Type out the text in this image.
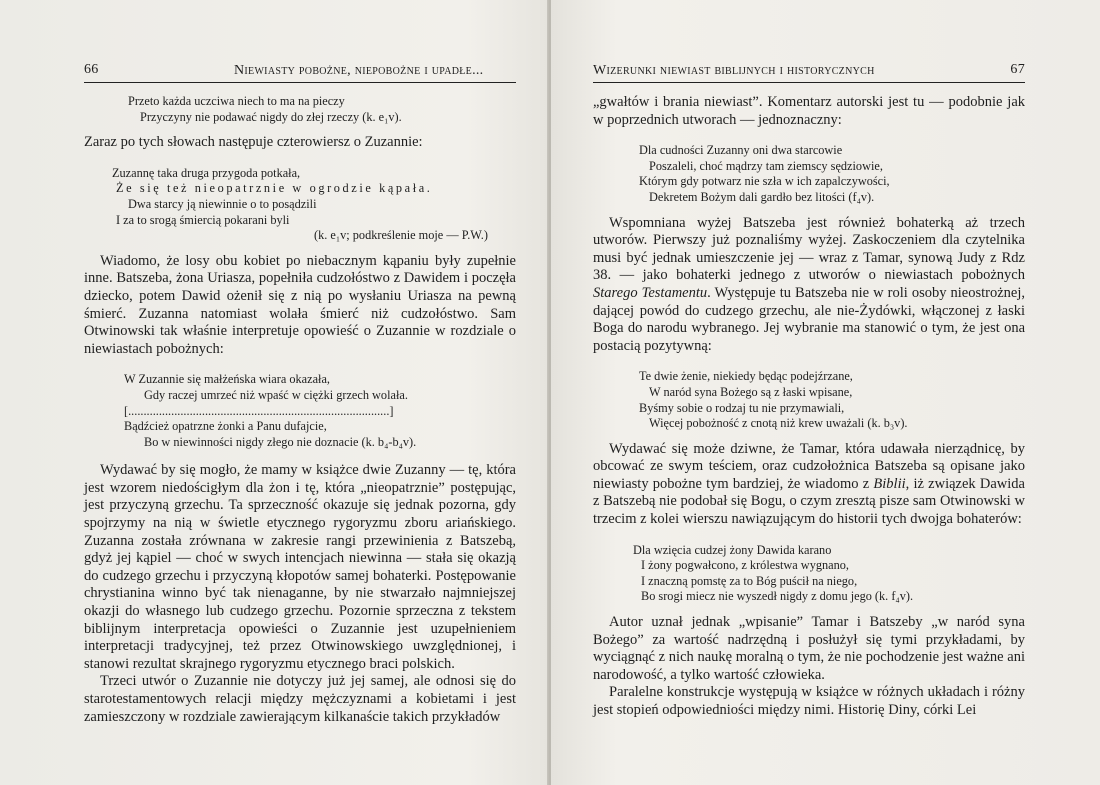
66	Niewiasty pobożne, niepobożne i upadłe...
Przeto każda uczciwa niech to ma na pieczy
Przyczyny nie podawać nigdy do złej rzeczy (k. e₁v).

Zaraz po tych słowach następuje czterowiersz o Zuzannie:

Zuzannę taka druga przygoda potkała,
Że się też nieopatrznie w ogrodzie kąpała.
Dwa starcy ją niewinnie o to posądzili
I za to srogą śmiercią pokarani byli
(k. e₁v; podkreślenie moje — P.W.)

Wiadomo, że losy obu kobiet po niebacznym kąpaniu były zupełnie inne. Batszeba, żona Uriasza, popełniła cudzołóstwo z Dawidem i poczęła dziecko, potem Dawid ożenił się z nią po wysłaniu Uriasza na pewną śmierć. Zuzanna natomiast wolała śmierć niż cudzołóstwo. Sam Otwinowski tak właśnie interpretuje opowieść o Zuzannie w rozdziale o niewiastach pobożnych:

W Zuzannie się małżeńska wiara okazała,
Gdy raczej umrzeć niż wpaść w ciężki grzech wolała.
[.....................................................................................]
Bądźcież opatrzne żonki a Panu dufajcie,
Bo w niewinności nigdy złego nie doznacie (k. b₄-b₄v).

Wydawać by się mogło, że mamy w książce dwie Zuzanny — tę, która jest wzorem niedościgłym dla żon i tę, która „nieopatrznie” postępując, jest przyczyną grzechu. Ta sprzeczność okazuje się jednak pozorna, gdy spojrzymy na nią w świetle etycznego rygoryzmu zboru ariańskiego. Zuzanna została zrównana w zakresie rangi przewinienia z Batszebą, gdyż jej kąpiel — choć w swych intencjach niewinna — stała się okazją do cudzego grzechu i przyczyną kłopotów samej bohaterki. Postępowanie chrystianina winno być tak nienaganne, by nie stwarzało najmniejszej okazji do własnego lub cudzego grzechu. Pozornie sprzeczna z tekstem biblijnym interpretacja opowieści o Zuzannie jest uzupełnieniem interpretacji tradycyjnej, też przez Otwinowskiego uwzględnionej, i stanowi rezultat skrajnego rygoryzmu etycznego braci polskich.

Trzeci utwór o Zuzannie nie dotyczy już jej samej, ale odnosi się do starotestamentowych relacji między mężczyznami a kobietami i jest zamieszczony w rozdziale zawierającym kilkanaście takich przykładów

Wizerunki niewiast biblijnych i historycznych	67

„gwałtów i brania niewiast”. Komentarz autorski jest tu — podobnie jak w poprzednich utworach — jednoznaczny:

Dla cudności Zuzanny oni dwa starcowie
Poszaleli, choć mądrzy tam ziemscy sędziowie,
Którym gdy potwarz nie szła w ich zapalczywości,
Dekretem Bożym dali gardło bez litości (f₄v).

Wspomniana wyżej Batszeba jest również bohaterką aż trzech utworów. Pierwszy już poznaliśmy wyżej. Zaskoczeniem dla czytelnika musi być jednak umieszczenie jej — wraz z Tamar, synową Judy z Rdz 38. — jako bohaterki jednego z utworów o niewiastach pobożnych Starego Testamentu. Występuje tu Batszeba nie w roli osoby nieostrożnej, dającej powód do cudzego grzechu, ale nie-Żydówki, włączonej z łaski Boga do narodu wybranego. Jej wybranie ma stanowić o tym, że jest ona postacią pozytywną:

Te dwie żenie, niekiedy będąc podejźrzane,
W naród syna Bożego są z łaski wpisane,
Byśmy sobie o rodzaj tu nie przymawiali,
Więcej pobożność z cnotą niż krew uważali (k. b₃v).

Wydawać się może dziwne, że Tamar, która udawała nierządnicę, by obcować ze swym teściem, oraz cudzołożnica Batszeba są opisane jako niewiasty pobożne tym bardziej, że wiadomo z Biblii, iż związek Dawida z Batszebą nie podobał się Bogu, o czym zresztą pisze sam Otwinowski w trzecim z kolei wierszu nawiązującym do historii tych dwojga bohaterów:

Dla wzięcia cudzej żony Dawida karano
I żony pogwałcono, z królestwa wygnano,
I znaczną pomstę za to Bóg puścił na niego,
Bo srogi miecz nie wyszedł nigdy z domu jego (k. f₄v).

Autor uznał jednak „wpisanie” Tamar i Batszeby „w naród syna Bożego” za wartość nadrzędną i posłużył się tymi przykładami, by wyciągnąć z nich naukę moralną o tym, że nie pochodzenie jest ważne ani narodowość, a tylko wartość człowieka.

Paralelne konstrukcje występują w książce w różnych układach i różny jest stopień odpowiedniości między nimi. Historię Diny, córki Lei
